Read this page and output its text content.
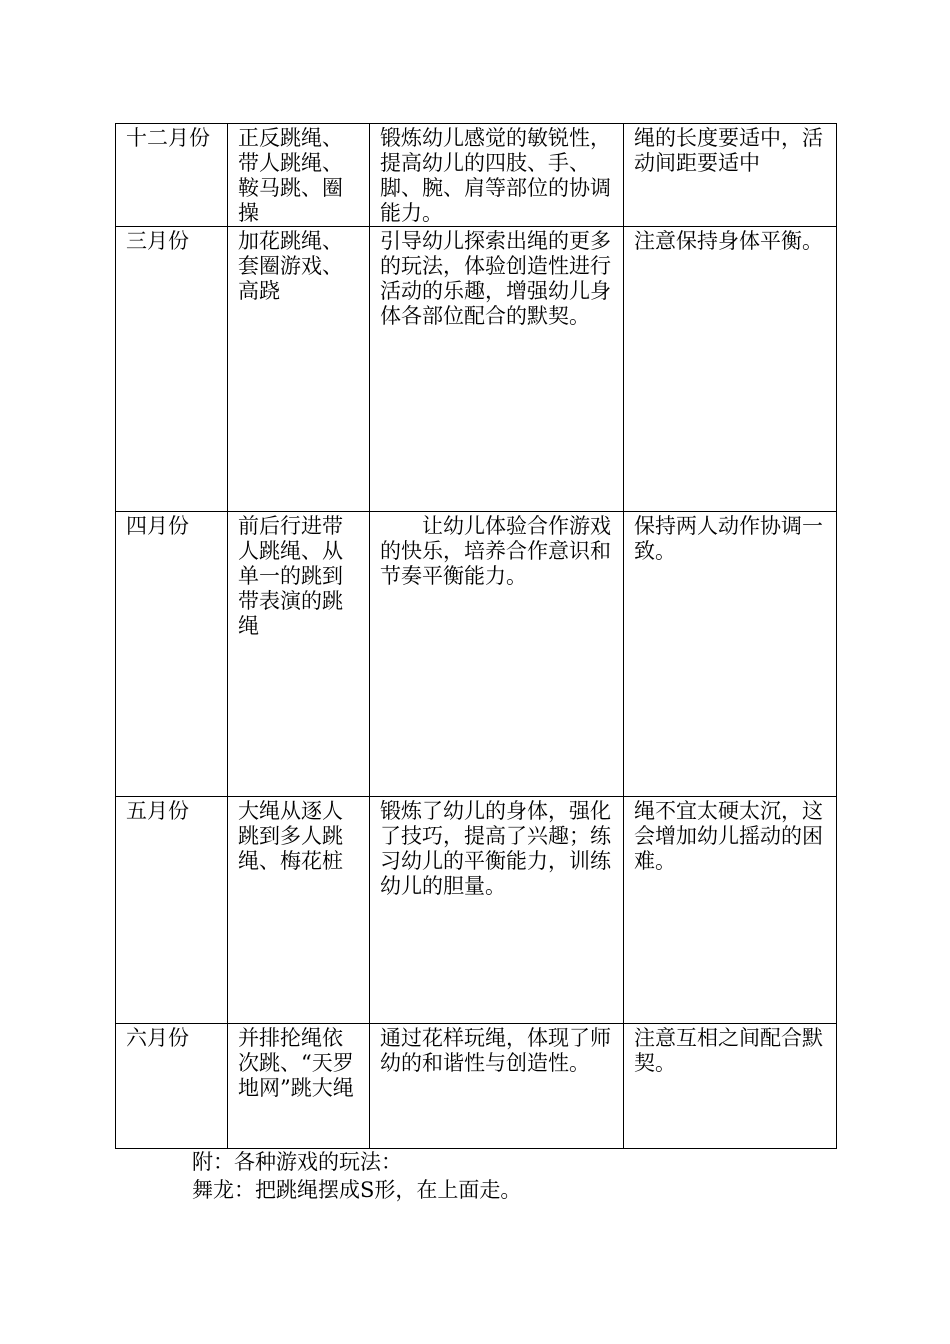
十二月份	正反跳绳、带人跳绳、鞍马跳、圈操	锻炼幼儿感觉的敏锐性，提高幼儿的四肢、手、脚、腕、肩等部位的协调能力。	绳的长度要适中，活动间距要适中
三月份	加花跳绳、套圈游戏、高跷	引导幼儿探索出绳的更多的玩法，体验创造性进行活动的乐趣，增强幼儿身体各部位配合的默契。	注意保持身体平衡。
四月份	前后行进带人跳绳、从单一的跳到带表演的跳绳	让幼儿体验合作游戏的快乐，培养合作意识和节奏平衡能力。	保持两人动作协调一致。
五月份	大绳从逐人跳到多人跳绳、梅花桩	锻炼了幼儿的身体，强化了技巧，提高了兴趣；练习幼儿的平衡能力，训练幼儿的胆量。	绳不宜太硬太沉，这会增加幼儿摇动的困难。
六月份	并排抡绳依次跳、“天罗地网”跳大绳	通过花样玩绳，体现了师幼的和谐性与创造性。	注意互相之间配合默契。
附：各种游戏的玩法：
舞龙：把跳绳摆成S形，在上面走。
